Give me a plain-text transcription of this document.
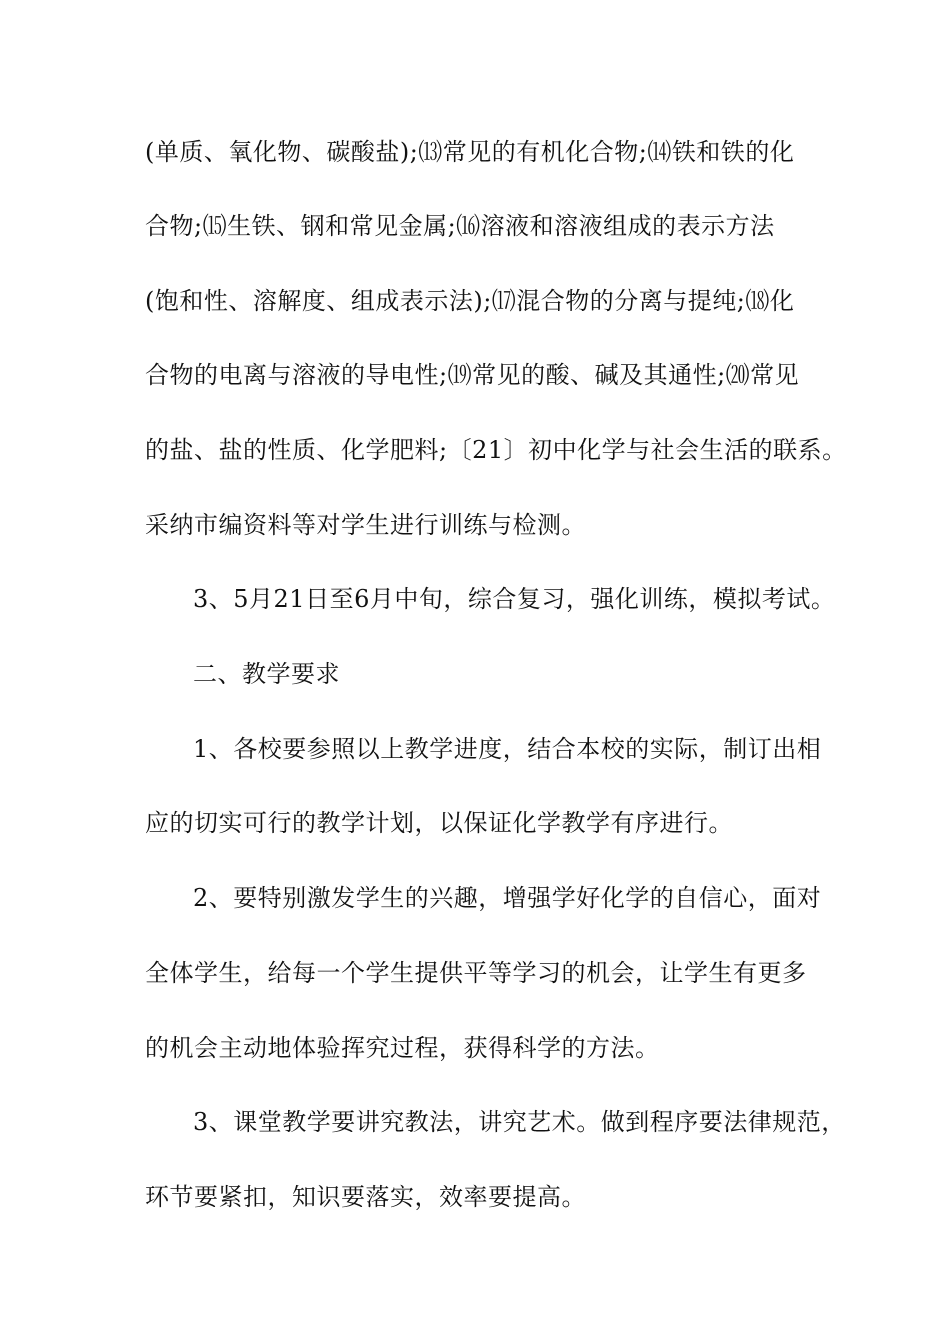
(单质、氧化物、碳酸盐);⒀常见的有机化合物;⒁铁和铁的化
合物;⒂生铁、钢和常见金属;⒃溶液和溶液组成的表示方法
(饱和性、溶解度、组成表示法);⒄混合物的分离与提纯;⒅化
合物的电离与溶液的导电性;⒆常见的酸、碱及其通性;⒇常见
的盐、盐的性质、化学肥料;〔21〕初中化学与社会生活的联系。
采纳市编资料等对学生进行训练与检测。
3、5月21日至6月中旬，综合复习，强化训练，模拟考试。
二、教学要求
1、各校要参照以上教学进度，结合本校的实际，制订出相
应的切实可行的教学计划，以保证化学教学有序进行。
2、要特别激发学生的兴趣，增强学好化学的自信心，面对
全体学生，给每一个学生提供平等学习的机会，让学生有更多
的机会主动地体验挥究过程，获得科学的方法。
3、课堂教学要讲究教法，讲究艺术。做到程序要法律规范，
环节要紧扣，知识要落实，效率要提高。
